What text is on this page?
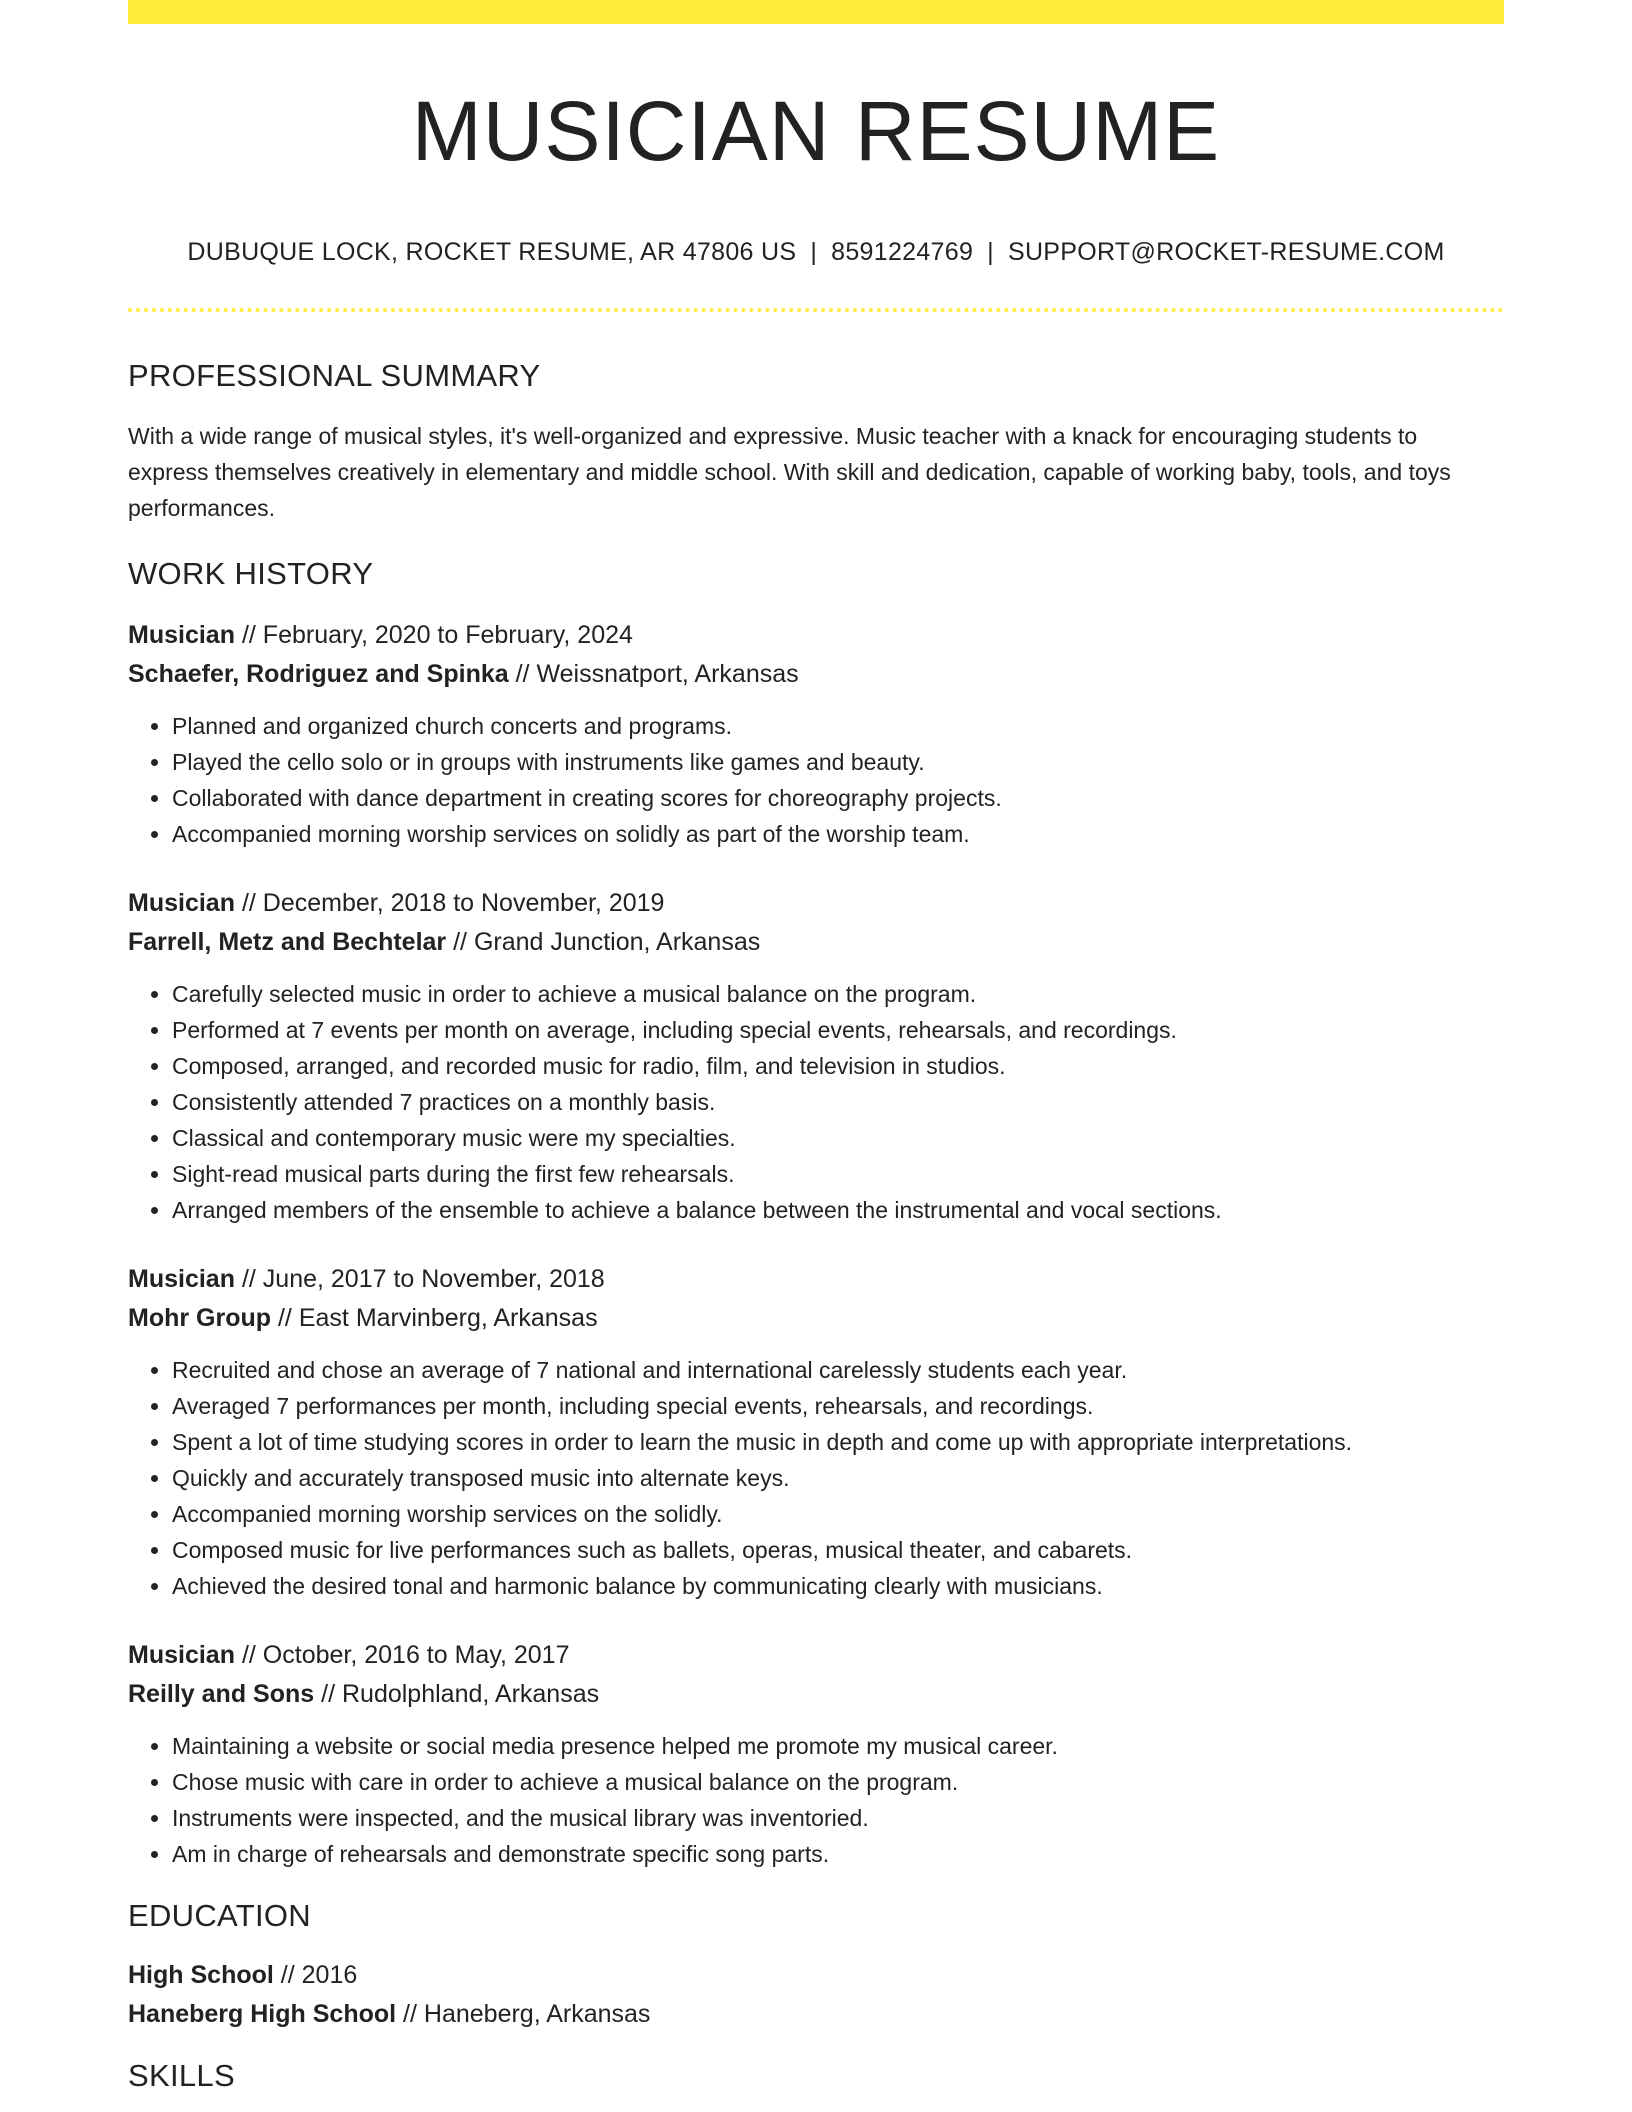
MUSICIAN RESUME
DUBUQUE LOCK, ROCKET RESUME, AR 47806 US | 8591224769 | SUPPORT@ROCKET-RESUME.COM
PROFESSIONAL SUMMARY
With a wide range of musical styles, it's well-organized and expressive. Music teacher with a knack for encouraging students to express themselves creatively in elementary and middle school. With skill and dedication, capable of working baby, tools, and toys performances.
WORK HISTORY
Musician // February, 2020 to February, 2024
Schaefer, Rodriguez and Spinka // Weissnatport, Arkansas
• Planned and organized church concerts and programs.
• Played the cello solo or in groups with instruments like games and beauty.
• Collaborated with dance department in creating scores for choreography projects.
• Accompanied morning worship services on solidly as part of the worship team.
Musician // December, 2018 to November, 2019
Farrell, Metz and Bechtelar // Grand Junction, Arkansas
• Carefully selected music in order to achieve a musical balance on the program.
• Performed at 7 events per month on average, including special events, rehearsals, and recordings.
• Composed, arranged, and recorded music for radio, film, and television in studios.
• Consistently attended 7 practices on a monthly basis.
• Classical and contemporary music were my specialties.
• Sight-read musical parts during the first few rehearsals.
• Arranged members of the ensemble to achieve a balance between the instrumental and vocal sections.
Musician // June, 2017 to November, 2018
Mohr Group // East Marvinberg, Arkansas
• Recruited and chose an average of 7 national and international carelessly students each year.
• Averaged 7 performances per month, including special events, rehearsals, and recordings.
• Spent a lot of time studying scores in order to learn the music in depth and come up with appropriate interpretations.
• Quickly and accurately transposed music into alternate keys.
• Accompanied morning worship services on the solidly.
• Composed music for live performances such as ballets, operas, musical theater, and cabarets.
• Achieved the desired tonal and harmonic balance by communicating clearly with musicians.
Musician // October, 2016 to May, 2017
Reilly and Sons // Rudolphland, Arkansas
• Maintaining a website or social media presence helped me promote my musical career.
• Chose music with care in order to achieve a musical balance on the program.
• Instruments were inspected, and the musical library was inventoried.
• Am in charge of rehearsals and demonstrate specific song parts.
EDUCATION
High School // 2016
Haneberg High School // Haneberg, Arkansas
SKILLS
